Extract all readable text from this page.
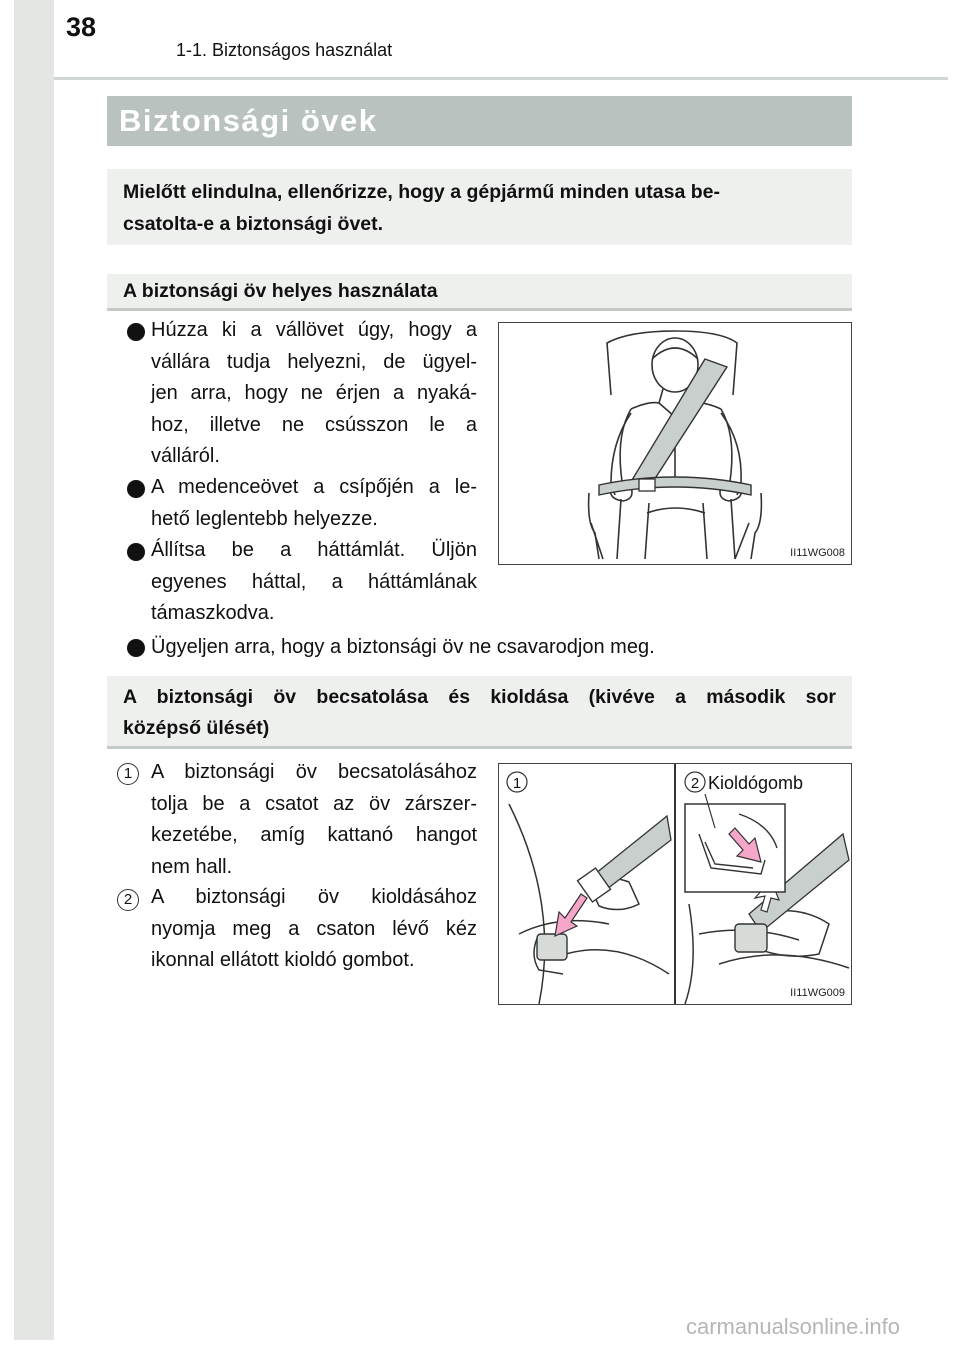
38
1-1. Biztonságos használat
Biztonsági övek
Mielőtt elindulna, ellenőrizze, hogy a gépjármű minden utasa be-
csatolta-e a biztonsági övet.
A biztonsági öv helyes használata
Húzza ki a vállövet úgy, hogy a
vállára tudja helyezni, de ügyel-
jen arra, hogy ne érjen a nyaká-
hoz, illetve ne csússzon le a
válláról.
A medenceövet a csípőjén a le-
hető leglentebb helyezze.
Állítsa be a háttámlát. Üljön
egyenes háttal, a háttámlának
támaszkodva.
Ügyeljen arra, hogy a biztonsági öv ne csavarodjon meg.
II11WG008
A biztonsági öv becsatolása és kioldása (kivéve a második sor
középső ülését)
1 A biztonsági öv becsatolásához
tolja be a csatot az öv zárszer-
kezetébe, amíg kattanó hangot
nem hall.
2 A biztonsági öv kioldásához
nyomja meg a csaton lévő kéz
ikonnal ellátott kioldó gombot.
1	2 Kioldógomb
II11WG009
carmanualsonline.info
